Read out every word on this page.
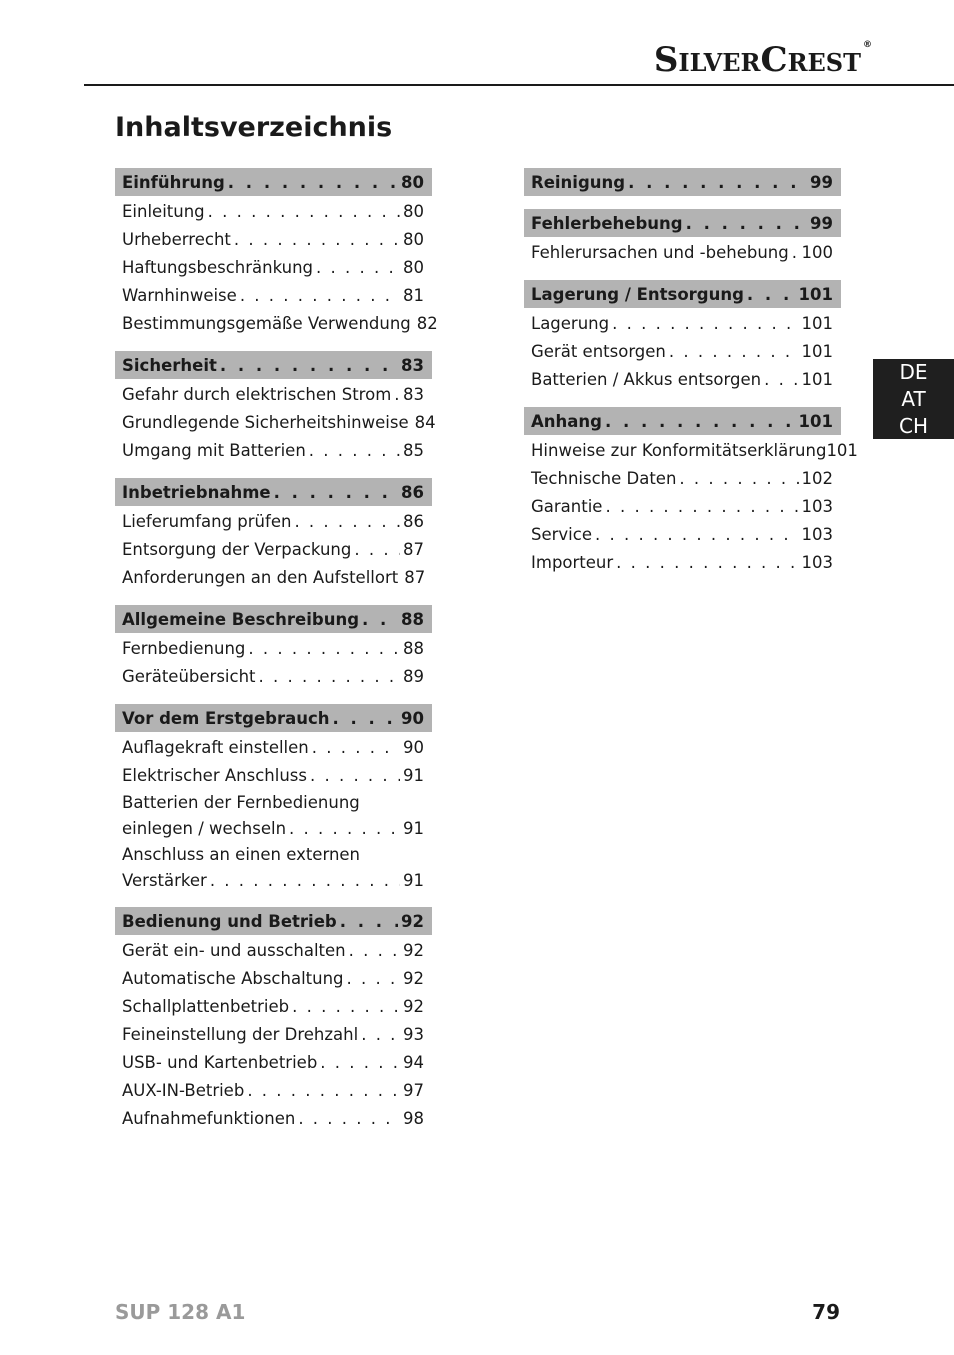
SILVERCREST®
Inhaltsverzeichnis
Einführung . . .	80
Einleitung . . .	80
Urheberrecht . . .	80
Haftungsbeschränkung . . .	80
Warnhinweise . . .	81
Bestimmungsgemäße Verwendung 82
Sicherheit . . .	83
Gefahr durch elektrischen Strom . . . 83
Grundlegende Sicherheitshinweise 84
Umgang mit Batterien . . .	85
Inbetriebnahme . . .	86
Lieferumfang prüfen . . .	86
Entsorgung der Verpackung . . .	87
Anforderungen an den Aufstellort 87
Allgemeine Beschreibung . . .	88
Fernbedienung . . .	88
Geräteübersicht . . .	89
Vor dem Erstgebrauch . . .	90
Auflagekraft einstellen . . .	90
Elektrischer Anschluss . . .	91
Batterien der Fernbedienung
einlegen / wechseln . . .	91
Anschluss an einen externen
Verstärker . . .	91
Bedienung und Betrieb . . .	92
Gerät ein- und ausschalten . . .	92
Automatische Abschaltung . . .	92
Schallplattenbetrieb . . .	92
Feineinstellung der Drehzahl . . .	93
USB- und Kartenbetrieb . . .	94
AUX-IN-Betrieb . . .	97
Aufnahmefunktionen . . .	98
Reinigung . . .	99
Fehlerbehebung . . .	99
Fehlerursachen und -behebung . . . 100
Lagerung / Entsorgung . . .	101
Lagerung . . .	101
Gerät entsorgen . . .	101
Batterien / Akkus entsorgen . . . 101
Anhang . . .	101
Hinweise zur Konformitätserklärung 101
Technische Daten . . .	102
Garantie . . .	103
Service . . .	103
Importeur . . .	103
DE
AT
CH
SUP 128 A1	79
